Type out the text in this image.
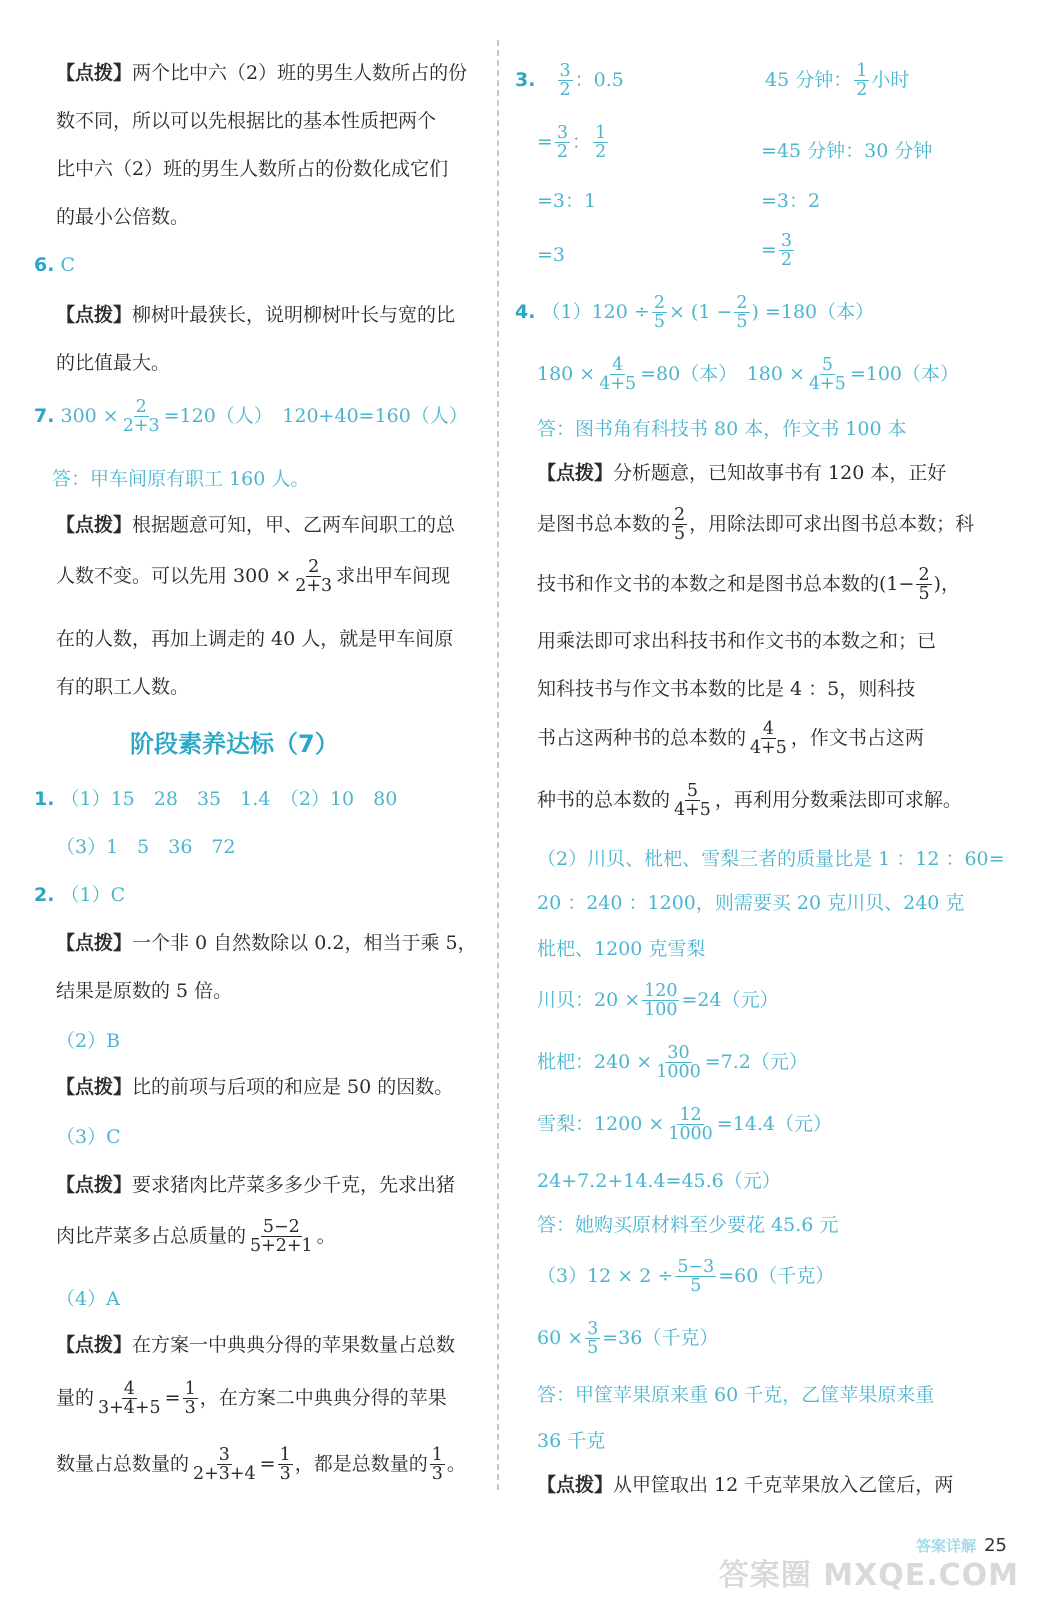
【点拨】两个比中六（2）班的男生人数所占的份
数不同，所以可以先根据比的基本性质把两个
比中六（2）班的男生人数所占的份数化成它们
的最小公倍数。
6. C
【点拨】柳树叶最狭长，说明柳树叶长与宽的比
的比值最大。
7. $300 \times \frac{2}{2+3} =120$（人）　120+40=160（人）
答：甲车间原有职工 160 人。
【点拨】根据题意可知，甲、乙两车间职工的总
人数不变。可以先用 $300 \times \frac{2}{2+3}$ 求出甲车间现
在的人数，再加上调走的 40 人，就是甲车间原
有的职工人数。
阶段素养达标（7）
1. （1）15　28　35　1.4　（2）10　80
（3）1　5　36　72
2. （1）C
【点拨】一个非 0 自然数除以 0.2，相当于乘 5，
结果是原数的 5 倍。
（2）B
【点拨】比的前项与后项的和应是 50 的因数。
（3）C
【点拨】要求猪肉比芹菜多多少千克，先求出猪
肉比芹菜多占总质量的 $\frac{5-2}{5+2+1}$ 。
（4）A
【点拨】在方案一中典典分得的苹果数量占总数
量的 $\frac{4}{3+4+5} = \frac{1}{3}$ ，在方案二中典典分得的苹果
数量占总数量的 $\frac{3}{2+3+4} = \frac{1}{3}$ ，都是总数量的 $\frac{1}{3}$ 。
3. $\frac{3}{2}$ ：0.5	45 分钟： $\frac{1}{2}$ 小时
= $\frac{3}{2}$ ： $\frac{1}{2}$	=45 分钟：30 分钟
=3：1	=3：2
=3	= $\frac{3}{2}$
4. $(1)120 \div \frac{2}{5} \times (1 - \frac{2}{5}$ ) =180（本）
$180 \times \frac{4}{4+5} =80$（本）　$180 \times \frac{5}{4+5} =100$（本）
答：图书角有科技书 80 本，作文书 100 本
【点拨】分析题意，已知故事书有 120 本，正好
是图书总本数的 $\frac{2}{5}$ ，用除法即可求出图书总本数；科
技书和作文书的本数之和是图书总本数的($1- \frac{2}{5}$ )，
用乘法即可求出科技书和作文书的本数之和；已
知科技书与作文书本数的比是 4 ：5，则科技
书占这两种书的总本数的 $\frac{4}{4+5}$ ，作文书占这两
种书的总本数的 $\frac{5}{4+5}$ ，再利用分数乘法即可求解。
（2）川贝、枇杷、雪梨三者的质量比是 1 ：12 ：60=
20 ：240 ：1200，则需要买 20 克川贝、240 克
枇杷、1200 克雪梨
川贝：$20 \times \frac{120}{100} =24$（元）
枇杷：$240 \times \frac{30}{1000} =7.2$（元）
雪梨：$1200 \times \frac{12}{1000} =14.4$（元）
24+7.2+14.4=45.6（元）
答：她购买原材料至少要花 45.6 元
$(3)12 \times 2 \div \frac{5-3}{5} =60$（千克）
$60 \times \frac{3}{5} =36$（千克）
答：甲筐苹果原来重 60 千克，乙筐苹果原来重
36 千克
【点拨】从甲筐取出 12 千克苹果放入乙筐后，两
答案详解 25
答案圈 MXQE.COM
